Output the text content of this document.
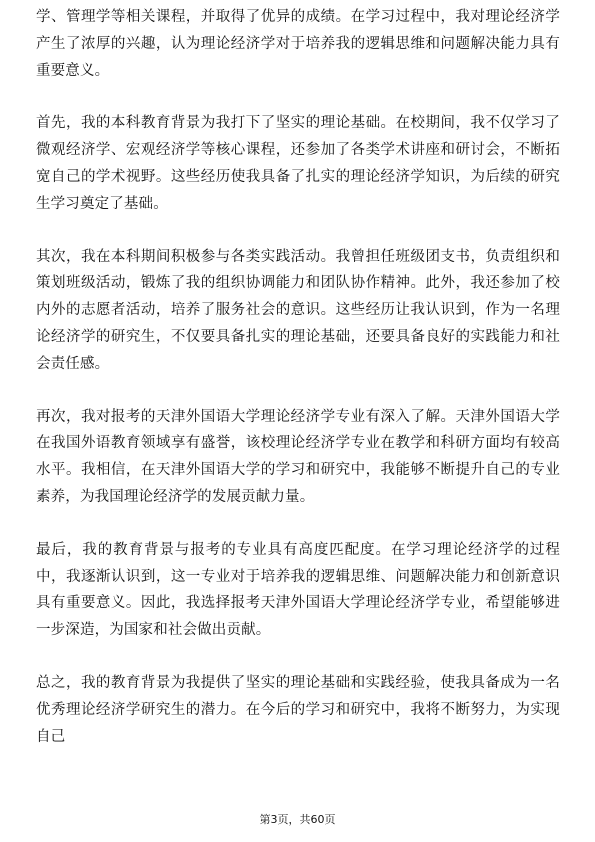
学、管理学等相关课程，并取得了优异的成绩。在学习过程中，我对理论经济学产生了浓厚的兴趣，认为理论经济学对于培养我的逻辑思维和问题解决能力具有重要意义。

首先，我的本科教育背景为我打下了坚实的理论基础。在校期间，我不仅学习了微观经济学、宏观经济学等核心课程，还参加了各类学术讲座和研讨会，不断拓宽自己的学术视野。这些经历使我具备了扎实的理论经济学知识，为后续的研究生学习奠定了基础。

其次，我在本科期间积极参与各类实践活动。我曾担任班级团支书，负责组织和策划班级活动，锻炼了我的组织协调能力和团队协作精神。此外，我还参加了校内外的志愿者活动，培养了服务社会的意识。这些经历让我认识到，作为一名理论经济学的研究生，不仅要具备扎实的理论基础，还要具备良好的实践能力和社会责任感。

再次，我对报考的天津外国语大学理论经济学专业有深入了解。天津外国语大学在我国外语教育领域享有盛誉，该校理论经济学专业在教学和科研方面均有较高水平。我相信，在天津外国语大学的学习和研究中，我能够不断提升自己的专业素养，为我国理论经济学的发展贡献力量。

最后，我的教育背景与报考的专业具有高度匹配度。在学习理论经济学的过程中，我逐渐认识到，这一专业对于培养我的逻辑思维、问题解决能力和创新意识具有重要意义。因此，我选择报考天津外国语大学理论经济学专业，希望能够进一步深造，为国家和社会做出贡献。

总之，我的教育背景为我提供了坚实的理论基础和实践经验，使我具备成为一名优秀理论经济学研究生的潜力。在今后的学习和研究中，我将不断努力，为实现自己

第3页，共60页
